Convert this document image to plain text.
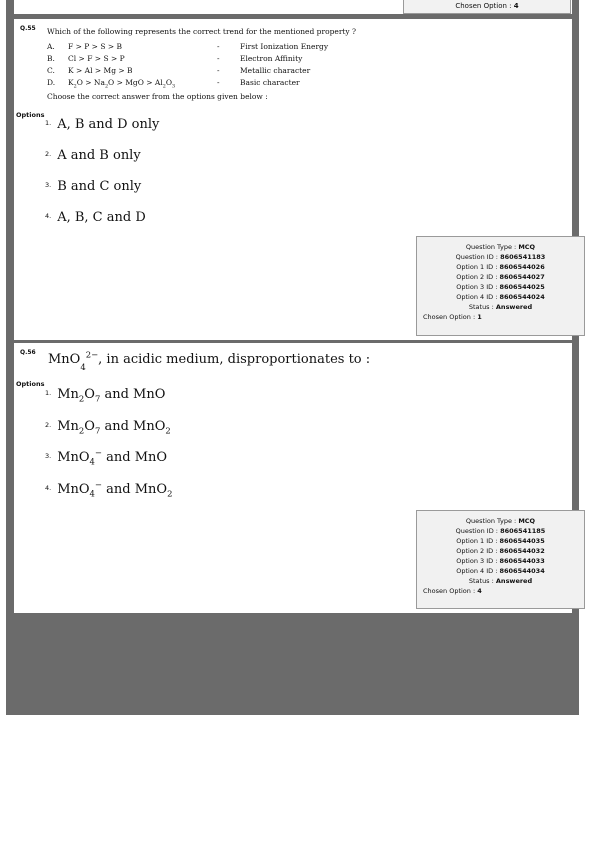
Chosen Option : 4
Q.55 Which of the following represents the correct trend for the mentioned property ?
A. F > P > S > B	-	First Ionization Energy
B. Cl > F > S > P	-	Electron Affinity
C. K > Al > Mg > B	-	Metallic character
D. $K_2O > Na_2O$ > MgO > $Al_2O_3$	-	Basic character
Choose the correct answer from the options given below :
Options
$^{1.}$ A, B and D only
$^{2.}$ A and B only
$^{3.}$ B and C only
$^{4.}$ A, B, C and D
Question Type : MCQ
Question ID : 8606541183
Option 1 ID : 8606544026
Option 2 ID : 8606544027
Option 3 ID : 8606544025
Option 4 ID : 8606544024
Status : Answered
Chosen Option : 1
Q.56 MnO$_4^{2-}$, in acidic medium, disproportionates to :
Options
$^{1.}$ $Mn_2O_7$ and MnO
$^{2.}$ $Mn_2O_7$ and MnO$_2$
$^{3.}$ MnO$_4$− and MnO
$^{4.}$ MnO$_4$− and MnO$_2$
Question Type : MCQ
Question ID : 8606541185
Option 1 ID : 8606544035
Option 2 ID : 8606544032
Option 3 ID : 8606544033
Option 4 ID : 8606544034
Status : Answered
Chosen Option : 4
